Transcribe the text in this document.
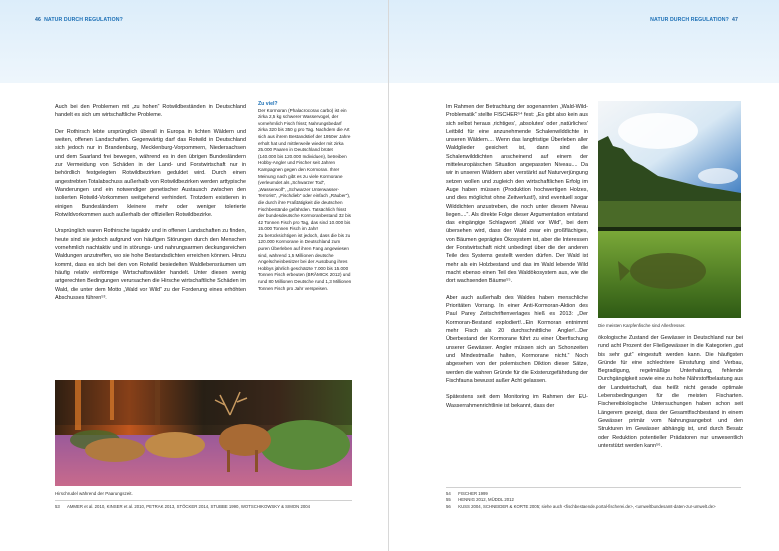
46 NATUR DURCH REGULATION?

Auch bei den Problemen mit „zu hohen“ Rotwildbeständen in Deutschland handelt es sich um wirtschaftliche Probleme.

Der Rothirsch lebte ursprünglich überall in Europa in lichten Wäldern und weiten, offenen Landschaften. Gegenwärtig darf das Rotwild in Deutschland sich jedoch nur in Brandenburg, Mecklenburg-Vorpommern, Niedersachsen und dem Saarland frei bewegen, während es in den übrigen Bundesländern zur Vermeidung von Schäden in der Land- und Forstwirtschaft nur in behördlich festgelegten Rotwildbezirken geduldet wird. Durch einen angestrebten Totalabschuss außerhalb von Rotwildbezirken werden arttypische Wanderungen und ein notwendiger genetischer Austausch zwischen den isolierten Rotwild-Vorkommen weitgehend verhindert. Trotzdem existieren in einigen Bundesländern kleinere mehr oder weniger tolerierte Rotwildvorkommen auch außerhalb der offiziellen Rotwildbezirke.

Ursprünglich waren Rothirsche tagaktiv und in offenen Landschaften zu finden, heute sind sie jedoch aufgrund von häufigen Störungen durch den Menschen vornehmlich nachtaktiv und in störungs- und nahrungsarmen deckungsreichen Waldungen anzutreffen, wo sie hohe Bestandsdichten erreichen können. Hinzu kommt, dass es sich bei den von Rotwild besiedelten Waldlebensräumen um häufig relativ einförmige Wirtschaftswälder handelt. Unter diesen wenig artgerechten Bedingungen verursachen die Hirsche wirtschaftliche Schäden im Wald, die unter dem Motto „Wald vor Wild“ zu der Forderung eines erhöhten Abschusses führen⁵³.

Zu viel?

Der Kormoran (Phalacrocorax carbo) ist ein zirka 2,5 kg schwerer Wasservogel, der vornehmlich Fisch frisst; Nahrungsbedarf zirka 320 bis 350 g pro Tag. Nachdem die Art sich aus ihrem Bestandstief der 1950er Jahre erholt hat und mittlerweile wieder mit zirka 25.000 Paaren in Deutschland brütet (140.000 bis 120.000 Individuen), betreiben Hobby-Angler und Fischer seit Jahren Kampagnen gegen den Kormoran. Ihrer Meinung nach gibt es zu viele Kormorane (verleumdet als „Schwarzer Tod“, „Wasserwolf“, „Schwarzer Unterwasser-Terrorist“, „Fischdieb“ oder einfach „Räuber“), die durch ihre Fraßtätigkeit die deutschen Fischbestände gefährden. Tatsächlich frisst der bundesdeutsche Kormoranbestand 32 bis 42 Tonnen Fisch pro Tag, das sind 10.000 bis 15.000 Tonnen Fisch im Jahr!

Zu berücksichtigen ist jedoch, dass die bis zu 120.000 Kormorane in Deutschland zum puren Überleben auf ihren Fang angewiesen sind, während 1,5 Millionen deutsche Angelscheinbesitzer bei der Ausübung ihres Hobbys jährlich geschätzte 7.000 bis 15.000 Tonnen Fisch erbeuten (BRÄMICK 2012) und rund 80 Millionen Deutsche rund 1,3 Millionen Tonnen Fisch pro Jahr verspeisen.

Hirschrudel während der Paarungszeit.
53 AMMER et al. 2010, KINSER et al. 2010, PETRAK 2013, STÖCKER 2014, STUBBE 1990, WOTSCHIKOWSKY & SIMON 2004
NATUR DURCH REGULATION? 47

Im Rahmen der Betrachtung der sogenannten „Wald-Wild-Problematik“ stellte FISCHER⁵⁴ fest: „Es gibt also kein aus sich selbst heraus ‚richtiges‘, ‚absolutes‘ oder ‚natürliches‘ Leitbild für eine anzunehmende Schalenwilddichte in unseren Wäldern.... Wenn das langfristige Überleben aller Waldglieder gesichert ist, dann sind die Schalenwilddichten anscheinend auf einem der mitteleuropäischen Situation angepassten Niveau.... Da wir in unseren Wäldern aber verstärkt auf Naturverjüngung setzen wollen und zugleich den wirtschaftlichen Erfolg im Auge haben müssen (Produktion hochwertigen Holzes, und dies möglichst ohne Zeitverlust!), sind eventuell sogar Wilddichten anzustreben, die noch unter diesem Niveau liegen....“. Als direkte Folge dieser Argumentation entstand das eingängige Schlagwort „Wald vor Wild“, bei dem übersehen wird, dass der Wald zwar ein großflächiges, von Bäumen geprägtes Ökosystem ist, aber die Interessen der Forstwirtschaft nicht unbedingt über die der anderen Teile des Systems gestellt werden dürfen. Der Wald ist mehr als ein Holzbestand und das im Wald lebende Wild macht ebenso einen Teil des Waldökosystem aus, wie die dort wachsenden Bäume⁵⁵.

Aber auch außerhalb des Waldes haben menschliche Prioritäten Vorrang. In einer Anti-Kormoran-Aktion des Paul Parey Zeitschriftenverlages hieß es 2013: „Der Kormoran-Bestand explodiert!...Ein Kormoran entnimmt mehr Fisch als 20 durchschnittliche Angler!...Der Überbestand der Kormorane führt zu einer Überfischung unserer Gewässer. Angler müssen sich an Schonzeiten und Mindestmaße halten, Kormorane nicht.“ Noch abgesehen von der polemischen Diktion dieser Sätze, werden die wahren Gründe für die Existenzgefährdung der Fischfauna bewusst außer Acht gelassen.

Spätestens seit dem Monitoring im Rahmen der EU-Wasserrahmenrichtlinie ist bekannt, dass der

Die meisten Karpfenfische sind Allesfresser.

ökologische Zustand der Gewässer in Deutschland nur bei rund acht Prozent der Fließgewässer in die Kategorien „gut bis sehr gut“ eingestuft werden kann. Die häufigsten Gründe für eine schlechtere Einstufung sind Verbau, Begradigung, regelmäßige Unterhaltung, fehlende Durchgängigkeit sowie eine zu hohe Nährstoffbelastung aus der Landwirtschaft, das heißt nicht gerade optimale Lebensbedingungen für die meisten Fischarten. Fischereibiologische Untersuchungen haben schon seit Längerem gezeigt, dass der Gesamtfischbestand in einem Gewässer primär vom Nahrungsangebot und den Strukturen im Gewässer abhängig ist, und durch Besatz oder Reduktion potentieller Prädatoren nur unwesentlich unterstützt werden kann⁵⁶.

54 FISCHER 1999
55 HENNIG 2012, MÜDDL 2012
56 KUSS 2004, SCHNEIDER & KORTE 2005; siehe auch <fischbestaende.portal-fischerei.de>, <umweltbundesamt-daten-zur-umwelt.de>
